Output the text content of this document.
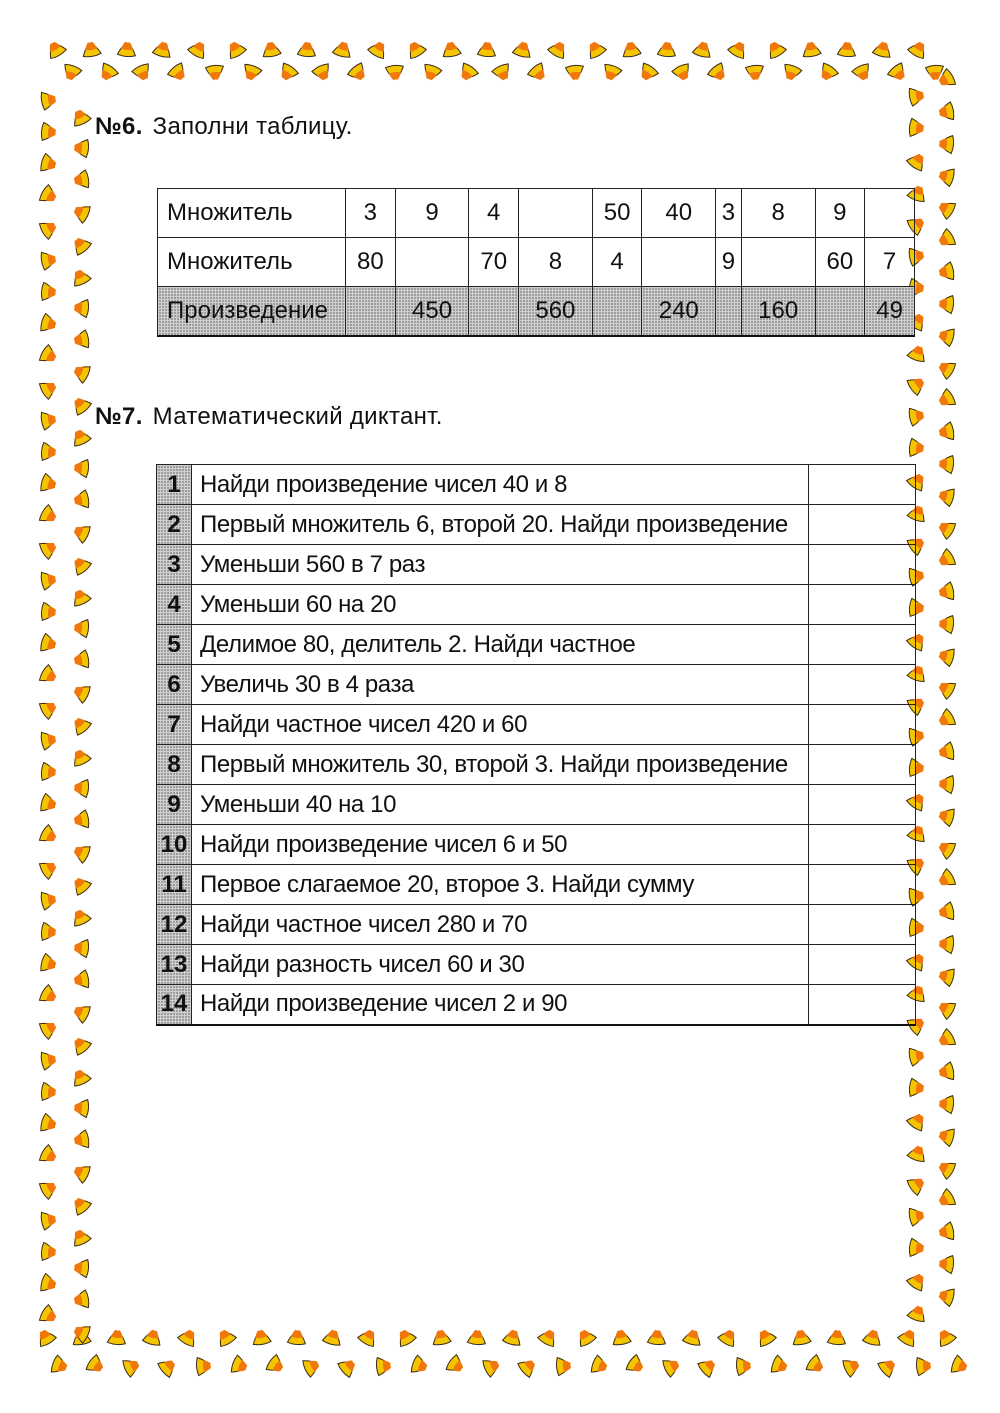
№6. Заполни таблицу.
Множитель	3	9	4		50	40	3	8	9	
Множитель	80		70	8	4		9		60	7
Произведение		450		560		240		160		49
№7. Математический диктант.
1	Найди произведение чисел 40 и 8	
2	Первый множитель 6, второй 20. Найди произведение	
3	Уменьши 560 в 7 раз	
4	Уменьши 60 на 20	
5	Делимое 80, делитель 2. Найди частное	
6	Увеличь 30 в 4 раза	
7	Найди частное чисел 420 и 60	
8	Первый множитель 30, второй 3. Найди произведение	
9	Уменьши 40 на 10	
10	Найди произведение чисел 6 и 50	
11	Первое слагаемое 20, второе 3. Найди сумму	
12	Найди частное чисел 280 и 70	
13	Найди разность чисел 60 и 30	
14	Найди произведение чисел 2 и 90	
